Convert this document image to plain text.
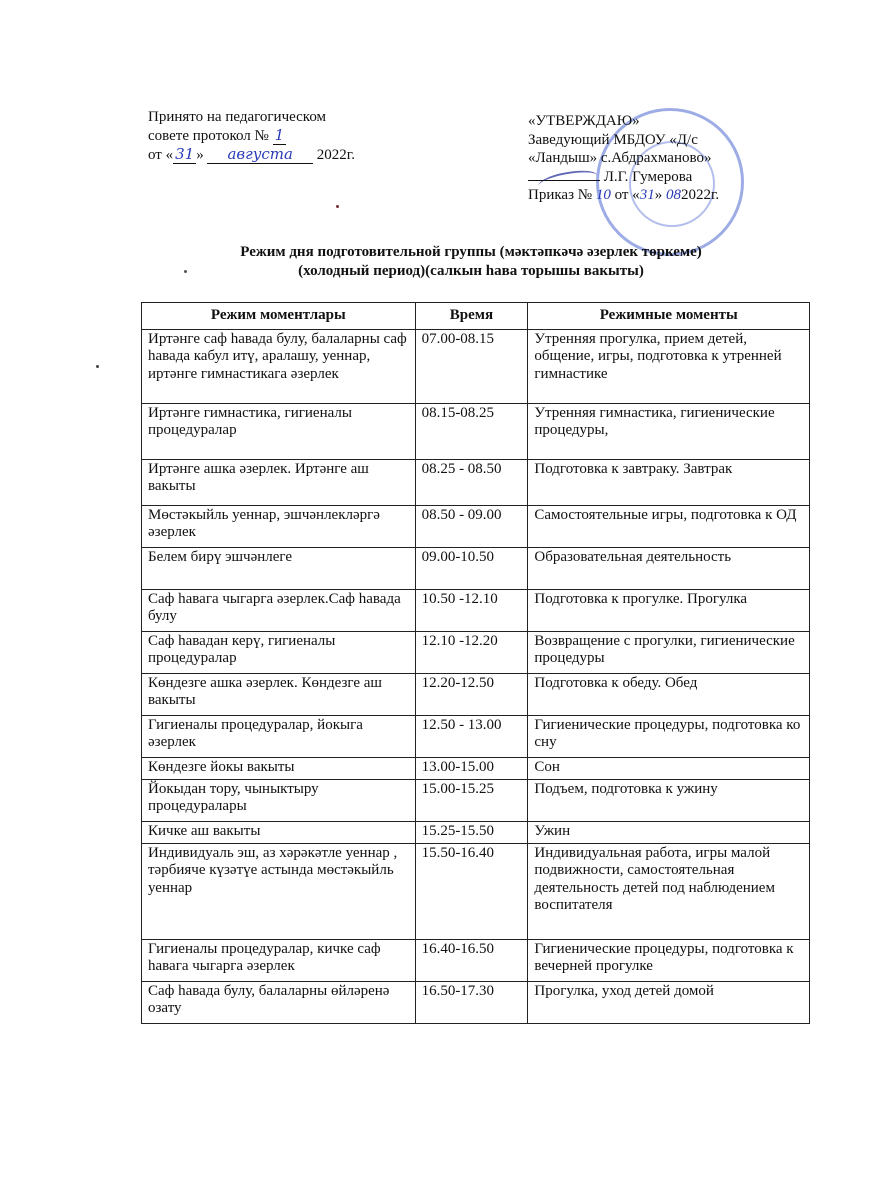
Принято на педагогическом
совете протокол № 1
от « 31 » августа 2022г.
«УТВЕРЖДАЮ»
Заведующий МБДОУ «Д/с
«Ландыш» с.Абдрахманово»
Л.Г. Гумерова
Приказ № 10 от «31» 082022г.
Режим дня подготовительной группы (мәктәпкәчә әзерлек төркеме)
(холодный период)(салкын һава торышы вакыты)
Режим моментлары	Время	Режимные моменты
Иртәнге саф һавада булу, балаларны саф һавада кабул итү, аралашу, уеннар, иртәнге гимнастикага әзерлек	07.00-08.15	Утренняя прогулка, прием детей, общение, игры, подготовка к утренней гимнастике
Иртәнге гимнастика, гигиеналы процедуралар	08.15-08.25	Утренняя гимнастика, гигиенические процедуры,
Иртәнге ашка әзерлек. Иртәнге аш вакыты	08.25 - 08.50	Подготовка к завтраку. Завтрак
Мөстәкыйль уеннар, эшчәнлекләргә әзерлек	08.50 - 09.00	Самостоятельные игры, подготовка к ОД
Белем бирү эшчәнлеге	09.00-10.50	Образовательная деятельность
Саф һавага чыгарга әзерлек.Саф һавада булу	10.50 -12.10	Подготовка к прогулке. Прогулка
Саф һавадан керү, гигиеналы процедуралар	12.10 -12.20	Возвращение с прогулки, гигиенические процедуры
Көндезге ашка әзерлек. Көндезге аш вакыты	12.20-12.50	Подготовка к обеду. Обед
Гигиеналы процедуралар, йокыга әзерлек	12.50 - 13.00	Гигиенические процедуры, подготовка ко сну
Көндезге йокы вакыты	13.00-15.00	Сон
Йокыдан тору, чыныктыру процедуралары	15.00-15.25	Подъем, подготовка к ужину
Кичке аш вакыты	15.25-15.50	Ужин
Индивидуаль эш, аз хәрәкәтле уеннар , тәрбияче күзәтүе астында мөстәкыйль уеннар	15.50-16.40	Индивидуальная работа, игры малой подвижности, самостоятельная деятельность детей под наблюдением воспитателя
Гигиеналы процедуралар, кичке саф һавага чыгарга әзерлек	16.40-16.50	Гигиенические процедуры, подготовка к вечерней прогулке
Саф һавада булу, балаларны өйләренә озату	16.50-17.30	Прогулка, уход детей домой
